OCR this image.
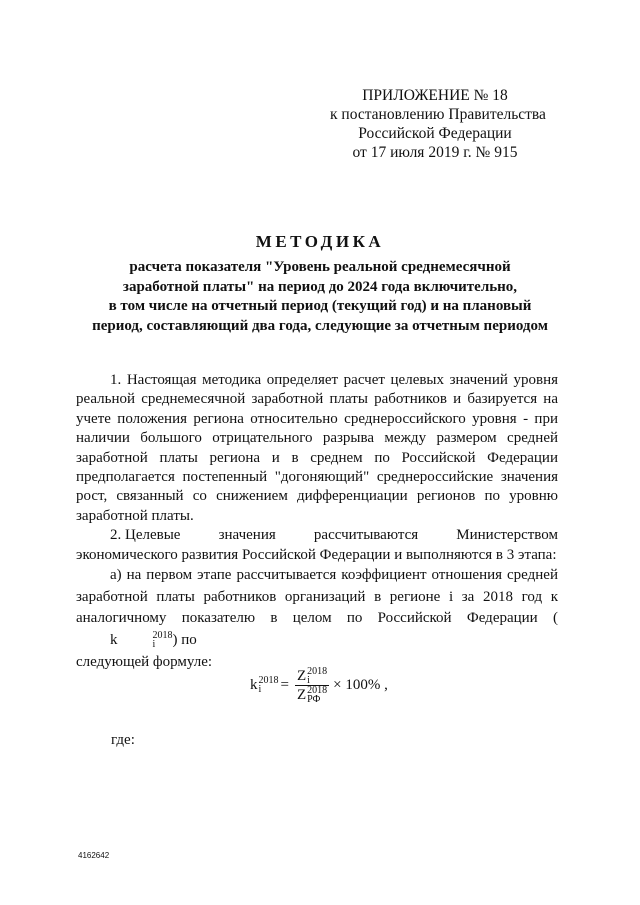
ПРИЛОЖЕНИЕ № 18
к постановлению Правительства
Российской Федерации
от 17 июля 2019 г. № 915
МЕТОДИКА
расчета показателя "Уровень реальной среднемесячной
заработной платы" на период до 2024 года включительно,
в том числе на отчетный период (текущий год) и на плановый
период, составляющий два года, следующие за отчетным периодом

1. Настоящая методика определяет расчет целевых значений уровня реальной среднемесячной заработной платы работников и базируется на учете положения региона относительно среднероссийского уровня - при наличии большого отрицательного разрыва между размером средней заработной платы региона и в среднем по Российской Федерации предполагается постепенный "догоняющий" среднероссийские значения рост, связанный со снижением дифференциации регионов по уровню заработной платы.

2. Целевые	значения	рассчитываются	Министерством
экономического развития Российской Федерации и выполняются в 3 этапа:

а) на первом этапе рассчитывается коэффициент отношения средней заработной платы работников организаций в регионе i за 2018 год к аналогичному показателю в целом по Российской Федерации (
k	2018
i	) по

следующей формуле:
k 2018
i	= Z 2018
i
Z 2018
РФ × 100% ,
где:
4162642
